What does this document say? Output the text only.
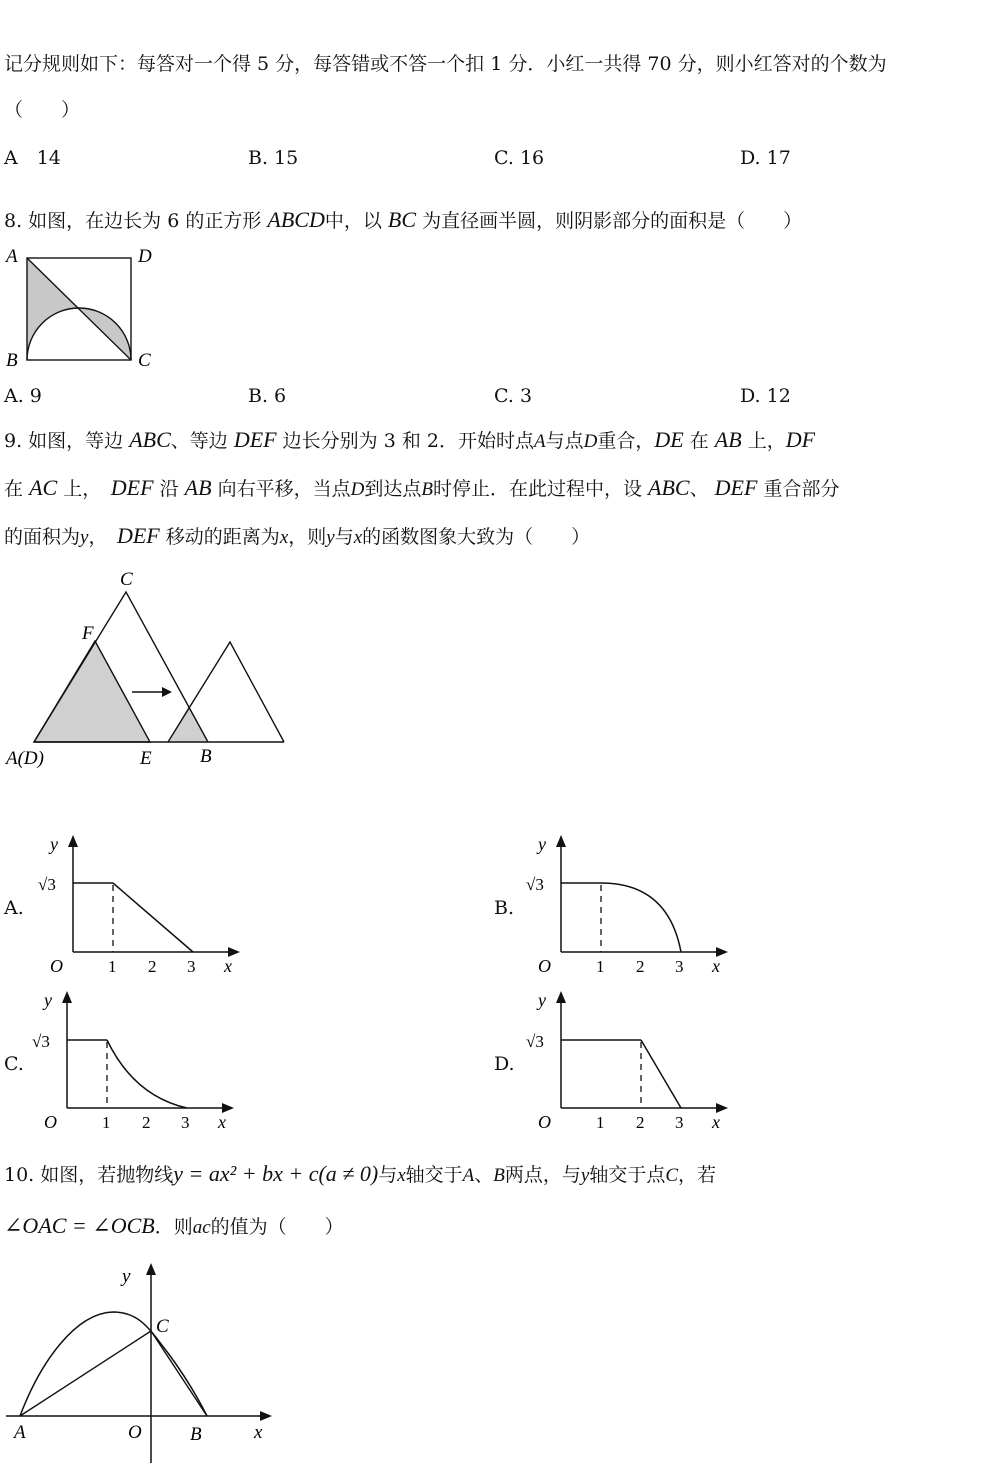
记分规则如下：每答对一个得 5 分，每答错或不答一个扣 1 分．小红一共得 70 分，则小红答对的个数为
（　　）
A　14	B. 15	C. 16	D. 17
8. 如图，在边长为 6 的正方形 ABCD中，以 BC 为直径画半圆，则阴影部分的面积是（　　）
A	D
B	C
A. 9	B. 6	C. 3	D. 12
9. 如图，等边 ABC、等边 DEF 边长分别为 3 和 2．开始时点A与点D重合，DE 在 AB 上，DF
在 AC 上，　 DEF 沿 AB 向右平移，当点D到达点B时停止．在此过程中，设 ABC、 DEF 重合部分
的面积为y，　 DEF 移动的距离为x，则y与x的函数图象大致为（　　）
C
F
A(D)	E	B
A.	B.
C.	D.
y
√3
O	1 2 3 x
y
√3
O	1 2 3 x
y
√3
O	1 2 3 x
y
√3
O	1 2 3 x
10. 如图，若抛物线y = ax² + bx + c(a ≠ 0)与x轴交于A、B两点，与y轴交于点C，若
∠OAC = ∠OCB．则ac的值为（　　）
y
C
A	O	B	x
